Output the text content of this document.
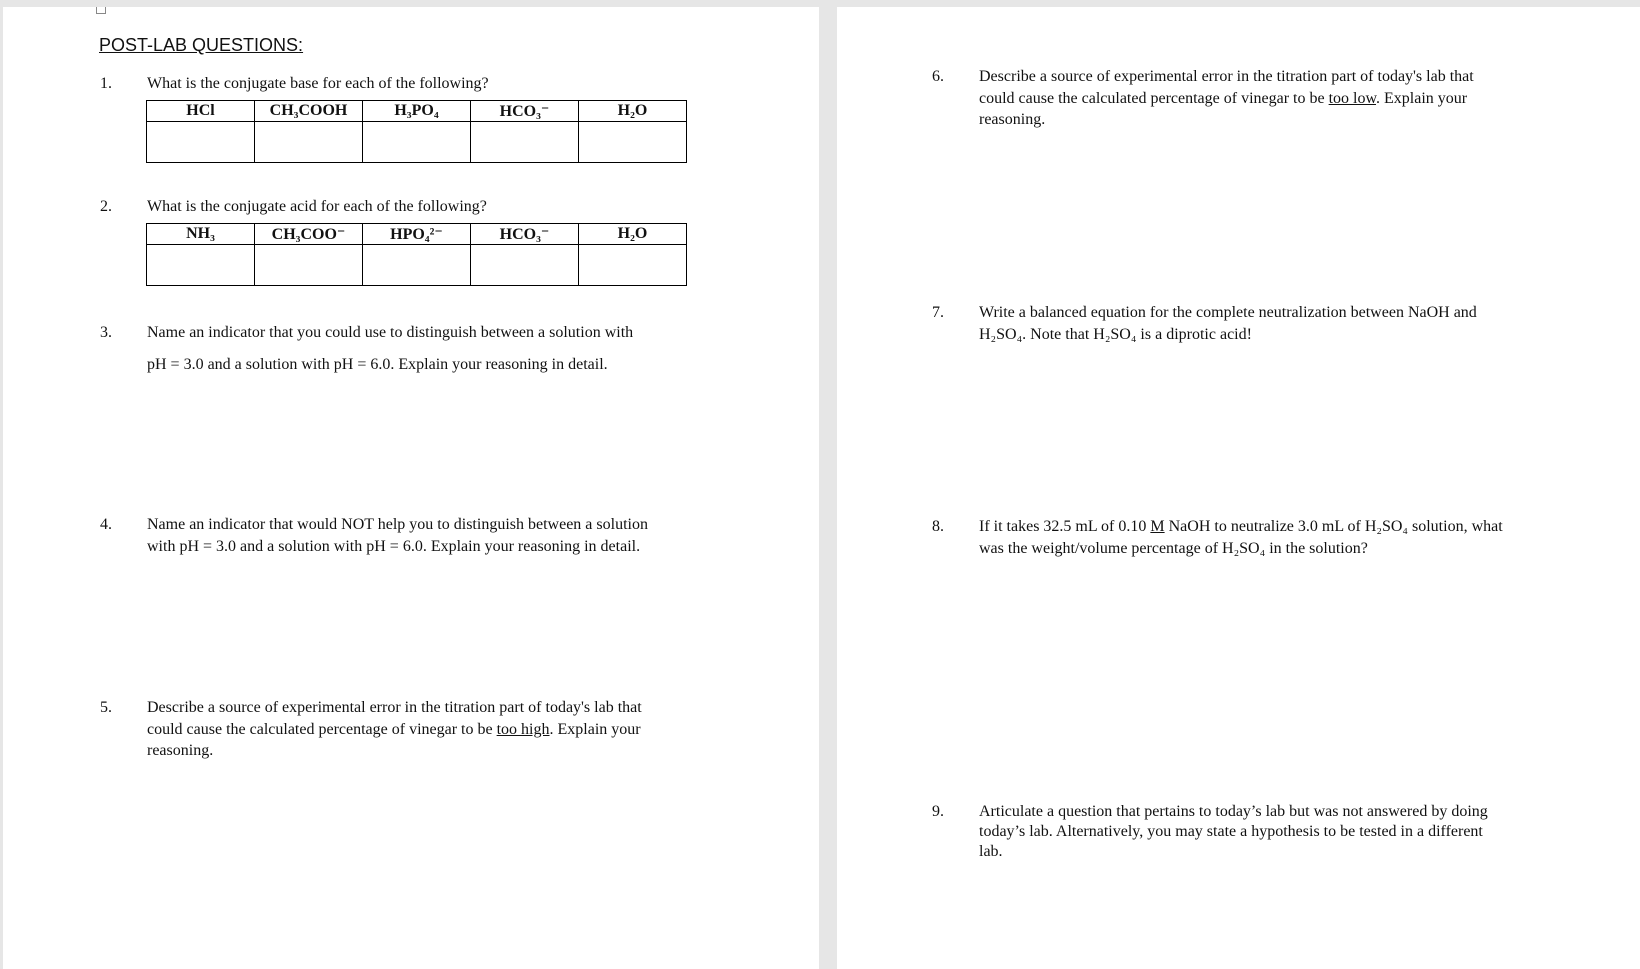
POST-LAB QUESTIONS:
1. What is the conjugate base for each of the following?
HCl	CH₃COOH	H₃PO₄	HCO₃⁻	H₂O

2. What is the conjugate acid for each of the following?
NH₃	CH₃COO⁻	HPO₄²⁻	HCO₃⁻	H₂O

3. Name an indicator that you could use to distinguish between a solution with
pH = 3.0 and a solution with pH = 6.0. Explain your reasoning in detail.
4. Name an indicator that would NOT help you to distinguish between a solution
with pH = 3.0 and a solution with pH = 6.0. Explain your reasoning in detail.
5. Describe a source of experimental error in the titration part of today's lab that
could cause the calculated percentage of vinegar to be too high. Explain your
reasoning.
6. Describe a source of experimental error in the titration part of today's lab that
could cause the calculated percentage of vinegar to be too low. Explain your
reasoning.
7. Write a balanced equation for the complete neutralization between NaOH and
H₂SO₄. Note that H₂SO₄ is a diprotic acid!
8. If it takes 32.5 mL of 0.10 M NaOH to neutralize 3.0 mL of H₂SO₄ solution, what
was the weight/volume percentage of H₂SO₄ in the solution?
9. Articulate a question that pertains to today’s lab but was not answered by doing
today’s lab. Alternatively, you may state a hypothesis to be tested in a different
lab.
